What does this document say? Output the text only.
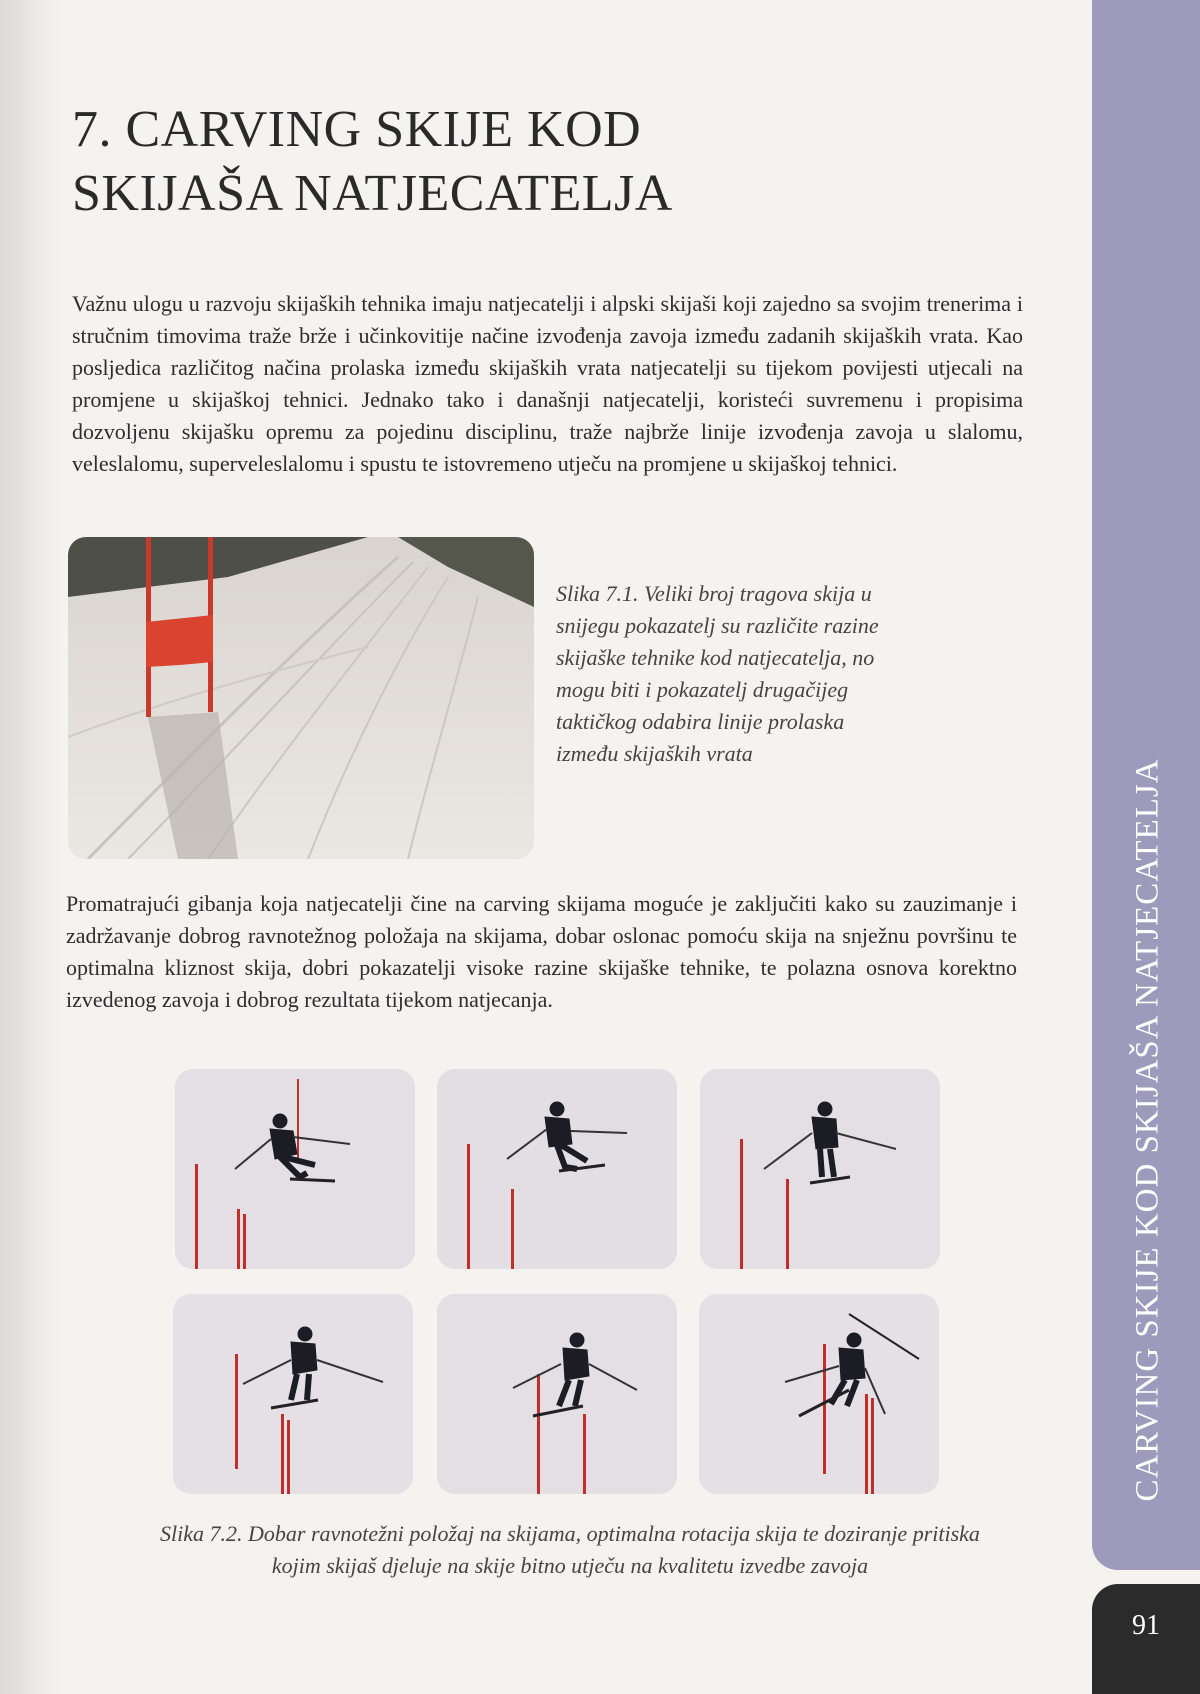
7. CARVING SKIJE KOD
SKIJAŠA NATJECATELJA

Važnu ulogu u razvoju skijaških tehnika imaju natjecatelji i alpski skijaši koji zajedno sa svojim trenerima i stručnim timovima traže brže i učinkovitije načine izvođenja zavoja između zadanih skijaških vrata. Kao posljedica različitog načina prolaska između skijaških vrata natjecatelji su tijekom povijesti utjecali na promjene u skijaškoj tehnici. Jednako tako i današnji natjecatelji, koristeći suvremenu i propisima dozvoljenu skijašku opremu za pojedinu disciplinu, traže najbrže linije izvođenja zavoja u slalomu, veleslalomu, superveleslalomu i spustu te istovremeno utječu na promjene u skijaškoj tehnici.

Slika 7.1. Veliki broj tragova skija u
snijegu pokazatelj su različite razine
skijaške tehnike kod natjecatelja, no
mogu biti i pokazatelj drugačijeg
taktičkog odabira linije prolaska
između skijaških vrata

Promatrajući gibanja koja natjecatelji čine na carving skijama moguće je zaključiti kako su zauzimanje i zadržavanje dobrog ravnotežnog položaja na skijama, dobar oslonac pomoću skija na snježnu površinu te optimalna kliznost skija, dobri pokazatelji visoke razine skijaške tehnike, te polazna osnova korektno izvedenog zavoja i dobrog rezultata tijekom natjecanja.

Slika 7.2. Dobar ravnotežni položaj na skijama, optimalna rotacija skija te doziranje pritiska
kojim skijaš djeluje na skije bitno utječu na kvalitetu izvedbe zavoja

CARVING SKIJE KOD SKIJAŠA NATJECATELJA
91
